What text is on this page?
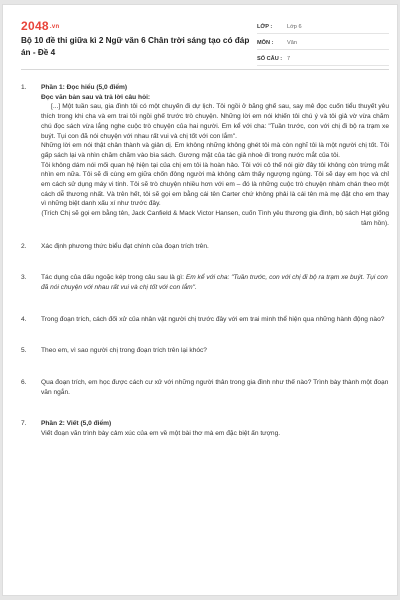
2048.vn
Bộ 10 đề thi giữa kì 2 Ngữ văn 6 Chân trời sáng tạo có đáp án - Đề 4
LỚP :	Lớp 6
MÔN :	Văn
SỐ CÂU : 7
1.	Phần 1: Đọc hiểu (5,0 điểm)
Đọc văn bản sau và trả lời câu hỏi:
[...] Một tuần sau, gia đình tôi có một chuyến đi dự lịch. Tôi ngồi ở băng ghế sau, say mê đọc cuốn tiểu thuyết yêu thích trong khi cha và em trai tôi ngồi ghế trước trò chuyện. Những lời em nói khiến tôi chú ý và tôi giả vờ vừa chăm chú đọc sách vừa lắng nghe cuộc trò chuyện của hai người. Em kể với cha: "Tuần trước, con với chị đi bộ ra trạm xe buýt. Tụi con đã nói chuyện với nhau rất vui và chị tốt với con lắm".
Những lời em nói thật chân thành và giản dị. Em không những không ghét tôi mà còn nghĩ tôi là một người chị tốt. Tôi gấp sách lại và nhìn chăm chăm vào bìa sách. Gương mặt của tác giả nhoè đi trong nước mắt của tôi.
Tôi không dám nói mối quan hệ hiện tại của chị em tôi là hoàn hảo. Tôi với cô thế nói giờ đây tôi không còn trừng mắt nhìn em nữa. Tôi sẽ đi cùng em giữa chốn đông người mà không cảm thấy ngượng ngùng. Tôi sẽ dạy em học và chỉ em cách sử dụng máy vi tính. Tôi sẽ trò chuyện nhiều hơn với em – đó là những cuộc trò chuyện nhàm chán theo một cách dễ thương nhất. Và trên hết, tôi sẽ gọi em bằng cái tên Carter chứ không phải là cái tên mà mẹ đặt cho em thay vì những biệt danh xấu xí như trước đây.
(Trích Chị sẽ gọi em bằng tên, Jack Canfield & Mack Victor Hansen, cuốn Tình yêu thương gia đình, bộ sách Hạt giống tâm hồn).
2.	Xác định phương thức biểu đạt chính của đoạn trích trên.
3.	Tác dụng của dấu ngoặc kép trong câu sau là gì: Em kể với cha: "Tuần trước, con với chị đi bộ ra trạm xe buýt. Tụi con đã nói chuyện với nhau rất vui và chị tốt với con lắm".
4.	Trong đoạn trích, cách đối xử của nhân vật người chị trước đây với em trai mình thể hiện qua những hành động nào?
5.	Theo em, vì sao người chị trong đoạn trích trên lại khóc?
6.	Qua đoạn trích, em học được cách cư xử với những người thân trong gia đình như thế nào? Trình bày thành một đoạn văn ngắn.
7.	Phần 2: Viết (5,0 điểm)
Viết đoạn văn trình bày cảm xúc của em về một bài thơ mà em đặc biệt ấn tượng.
